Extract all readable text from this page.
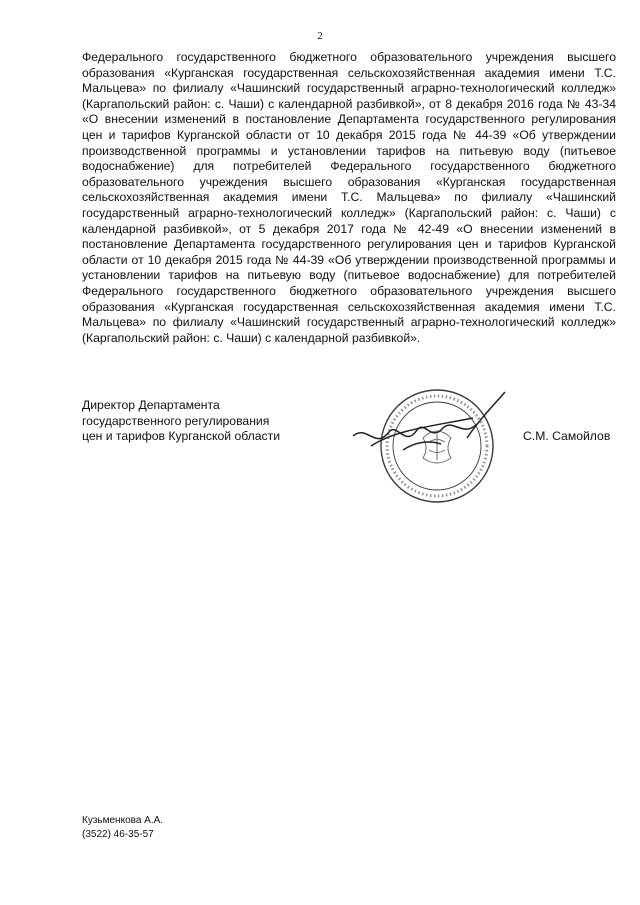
2

Федерального государственного бюджетного образовательного учреждения высшего образования «Курганская государственная сельскохозяйственная академия имени Т.С. Мальцева» по филиалу «Чашинский государственный аграрно-технологический колледж» (Каргапольский район: с. Чаши) с календарной разбивкой», от 8 декабря 2016 года № 43-34 «О внесении изменений в постановление Департамента государственного регулирования цен и тарифов Курганской области от 10 декабря 2015 года № 44-39 «Об утверждении производственной программы и установлении тарифов на питьевую воду (питьевое водоснабжение) для потребителей Федерального государственного бюджетного образовательного учреждения высшего образования «Курганская государственная сельскохозяйственная академия имени Т.С. Мальцева» по филиалу «Чашинский государственный аграрно-технологический колледж» (Каргапольский район: с. Чаши) с календарной разбивкой», от 5 декабря 2017 года № 42-49 «О внесении изменений в постановление Департамента государственного регулирования цен и тарифов Курганской области от 10 декабря 2015 года № 44-39 «Об утверждении производственной программы и установлении тарифов на питьевую воду (питьевое водоснабжение) для потребителей Федерального государственного бюджетного образовательного учреждения высшего образования «Курганская государственная сельскохозяйственная академия имени Т.С. Мальцева» по филиалу «Чашинский государственный аграрно-технологический колледж» (Каргапольский район: с. Чаши) с календарной разбивкой».

Директор Департамента
государственного регулирования
цен и тарифов Курганской области	С.М. Самойлов
Кузьменкова А.А.
(3522) 46-35-57
